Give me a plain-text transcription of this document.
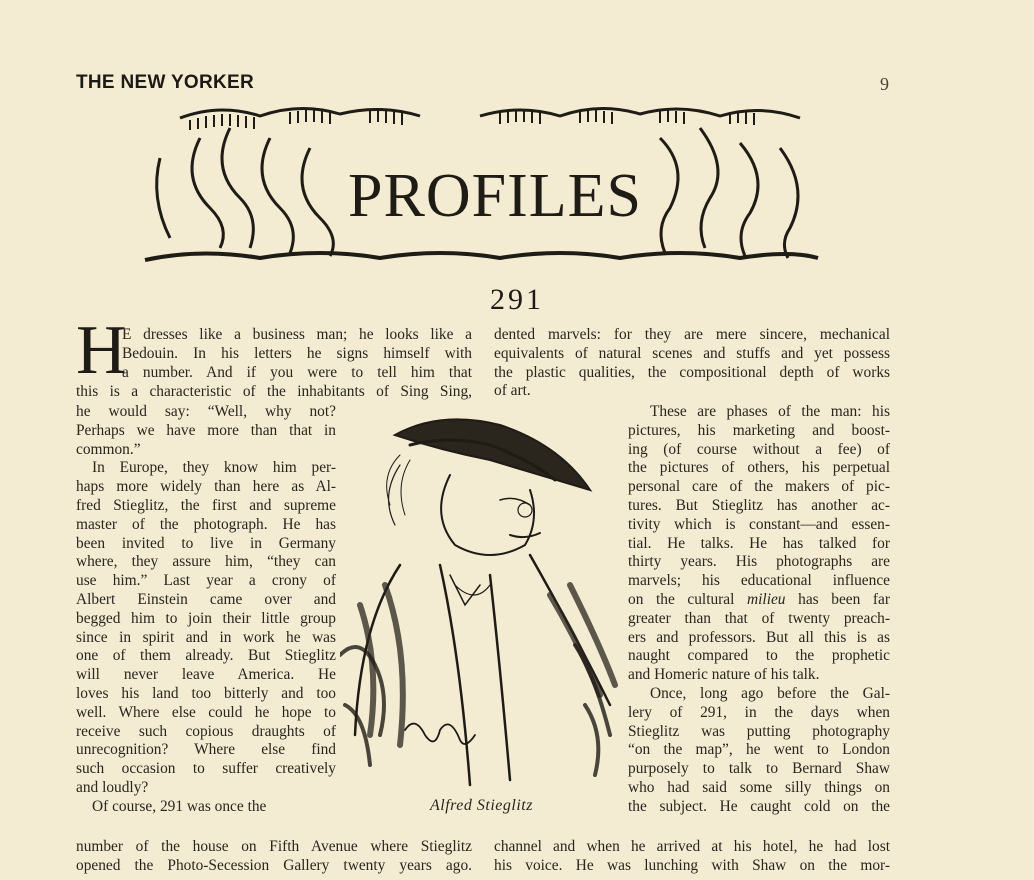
THE NEW YORKER	9
PROFILES
291
H
E dresses like a business man; he looks like a
Bedouin. In his letters he signs himself with
a number. And if you were to tell him that
this is a characteristic of the inhabitants of Sing Sing,
he would say: “Well, why not?
Perhaps we have more than that in
common.”
In Europe, they know him per-
haps more widely than here as Al-
fred Stieglitz, the first and supreme
master of the photograph. He has
been invited to live in Germany
where, they assure him, “they can
use him.” Last year a crony of
Albert Einstein came over and
begged him to join their little group
since in spirit and in work he was
one of them already. But Stieglitz
will never leave America. He
loves his land too bitterly and too
well. Where else could he hope to
receive such copious draughts of
unrecognition? Where else find
such occasion to suffer creatively
and loudly?
Of course, 291 was once the
number of the house on Fifth Avenue where Stieglitz
opened the Photo-Secession Gallery twenty years ago.
dented marvels: for they are mere sincere, mechanical
equivalents of natural scenes and stuffs and yet possess
the plastic qualities, the compositional depth of works
of art.
These are phases of the man: his
pictures, his marketing and boost-
ing (of course without a fee) of
the pictures of others, his perpetual
personal care of the makers of pic-
tures. But Stieglitz has another ac-
tivity which is constant—and essen-
tial. He talks. He has talked for
thirty years. His photographs are
marvels; his educational influence
on the cultural milieu has been far
greater than that of twenty preach-
ers and professors. But all this is as
naught compared to the prophetic
and Homeric nature of his talk.
Once, long ago before the Gal-
lery of 291, in the days when
Stieglitz was putting photography
“on the map”, he went to London
purposely to talk to Bernard Shaw
who had said some silly things on
the subject. He caught cold on the
channel and when he arrived at his hotel, he had lost
his voice. He was lunching with Shaw on the mor-
Alfred Stieglitz
